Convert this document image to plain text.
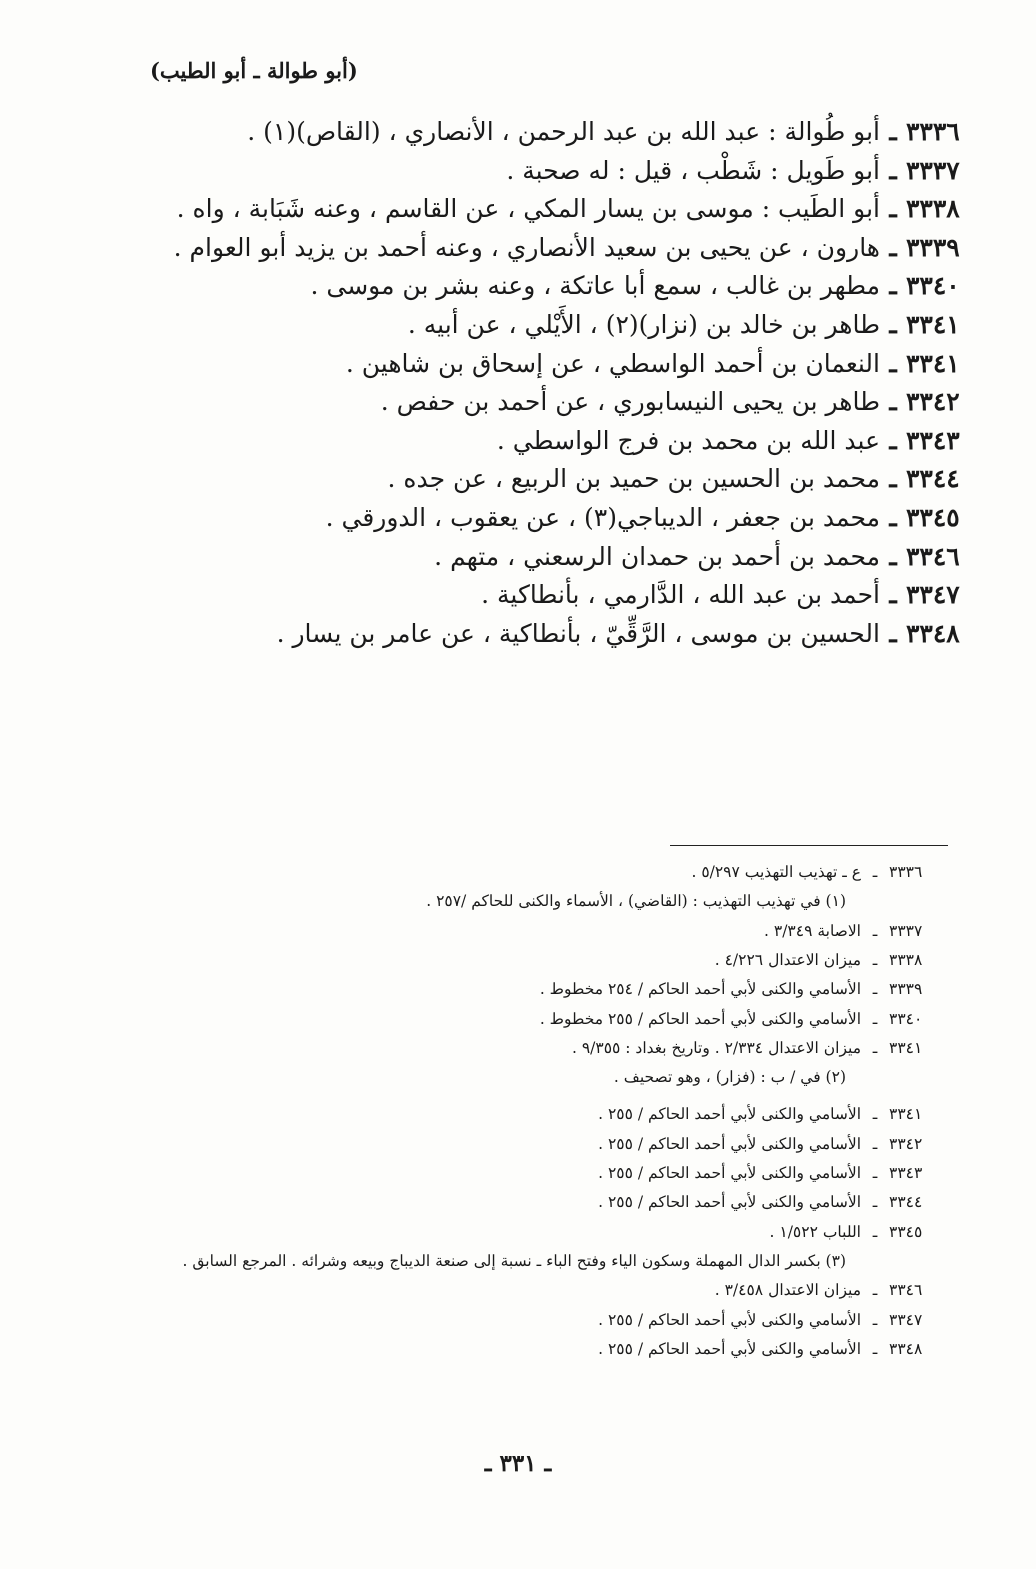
(أبو طوالة ـ أبو الطيب)
٣٣٣٦ـأبو طُوالة : عبد الله بن عبد الرحمن ، الأنصاري ، (القاص)(١) .
٣٣٣٧ـأبو طَويل : شَطْب ، قيل : له صحبة .
٣٣٣٨ـأبو الطَيب : موسى بن يسار المكي ، عن القاسم ، وعنه شَبَابة ، واه .
٣٣٣٩ـهارون ، عن يحيى بن سعيد الأنصاري ، وعنه أحمد بن يزيد أبو العوام .
٣٣٤٠ـمطهر بن غالب ، سمع أبا عاتكة ، وعنه بشر بن موسى .
٣٣٤١ـطاهر بن خالد بن (نزار)(٢) ، الأَيْلي ، عن أبيه .
٣٣٤١ـالنعمان بن أحمد الواسطي ، عن إسحاق بن شاهين .
٣٣٤٢ـطاهر بن يحيى النيسابوري ، عن أحمد بن حفص .
٣٣٤٣ـعبد الله بن محمد بن فرج الواسطي .
٣٣٤٤ـمحمد بن الحسين بن حميد بن الربيع ، عن جده .
٣٣٤٥ـمحمد بن جعفر ، الديباجي(٣) ، عن يعقوب ، الدورقي .
٣٣٤٦ـمحمد بن أحمد بن حمدان الرسعني ، متهم .
٣٣٤٧ـأحمد بن عبد الله ، الدَّارمي ، بأنطاكية .
٣٣٤٨ـالحسين بن موسى ، الرَّقِّيّ ، بأنطاكية ، عن عامر بن يسار .
٣٣٣٦ـع ـ تهذيب التهذيب ٥/٢٩٧ .
(١) في تهذيب التهذيب : (القاضي) ، الأسماء والكنى للحاكم /٢٥٧ .
٣٣٣٧ـالاصابة ٣/٣٤٩ .
٣٣٣٨ـميزان الاعتدال ٤/٢٢٦ .
٣٣٣٩ـالأسامي والكنى لأبي أحمد الحاكم / ٢٥٤ مخطوط .
٣٣٤٠ـالأسامي والكنى لأبي أحمد الحاكم / ٢٥٥ مخطوط .
٣٣٤١ـميزان الاعتدال ٢/٣٣٤ . وتاريخ بغداد : ٩/٣٥٥ .
(٢) في / ب : (فزار) ، وهو تصحيف .
٣٣٤١ـالأسامي والكنى لأبي أحمد الحاكم / ٢٥٥ .
٣٣٤٢ـالأسامي والكنى لأبي أحمد الحاكم / ٢٥٥ .
٣٣٤٣ـالأسامي والكنى لأبي أحمد الحاكم / ٢٥٥ .
٣٣٤٤ـالأسامي والكنى لأبي أحمد الحاكم / ٢٥٥ .
٣٣٤٥ـاللباب ١/٥٢٢ .
(٣) بكسر الدال المهملة وسكون الياء وفتح الباء ـ نسبة إلى صنعة الديباج وبيعه وشرائه . المرجع السابق .
٣٣٤٦ـميزان الاعتدال ٣/٤٥٨ .
٣٣٤٧ـالأسامي والكنى لأبي أحمد الحاكم / ٢٥٥ .
٣٣٤٨ـالأسامي والكنى لأبي أحمد الحاكم / ٢٥٥ .
ـ ٣٣١ ـ
